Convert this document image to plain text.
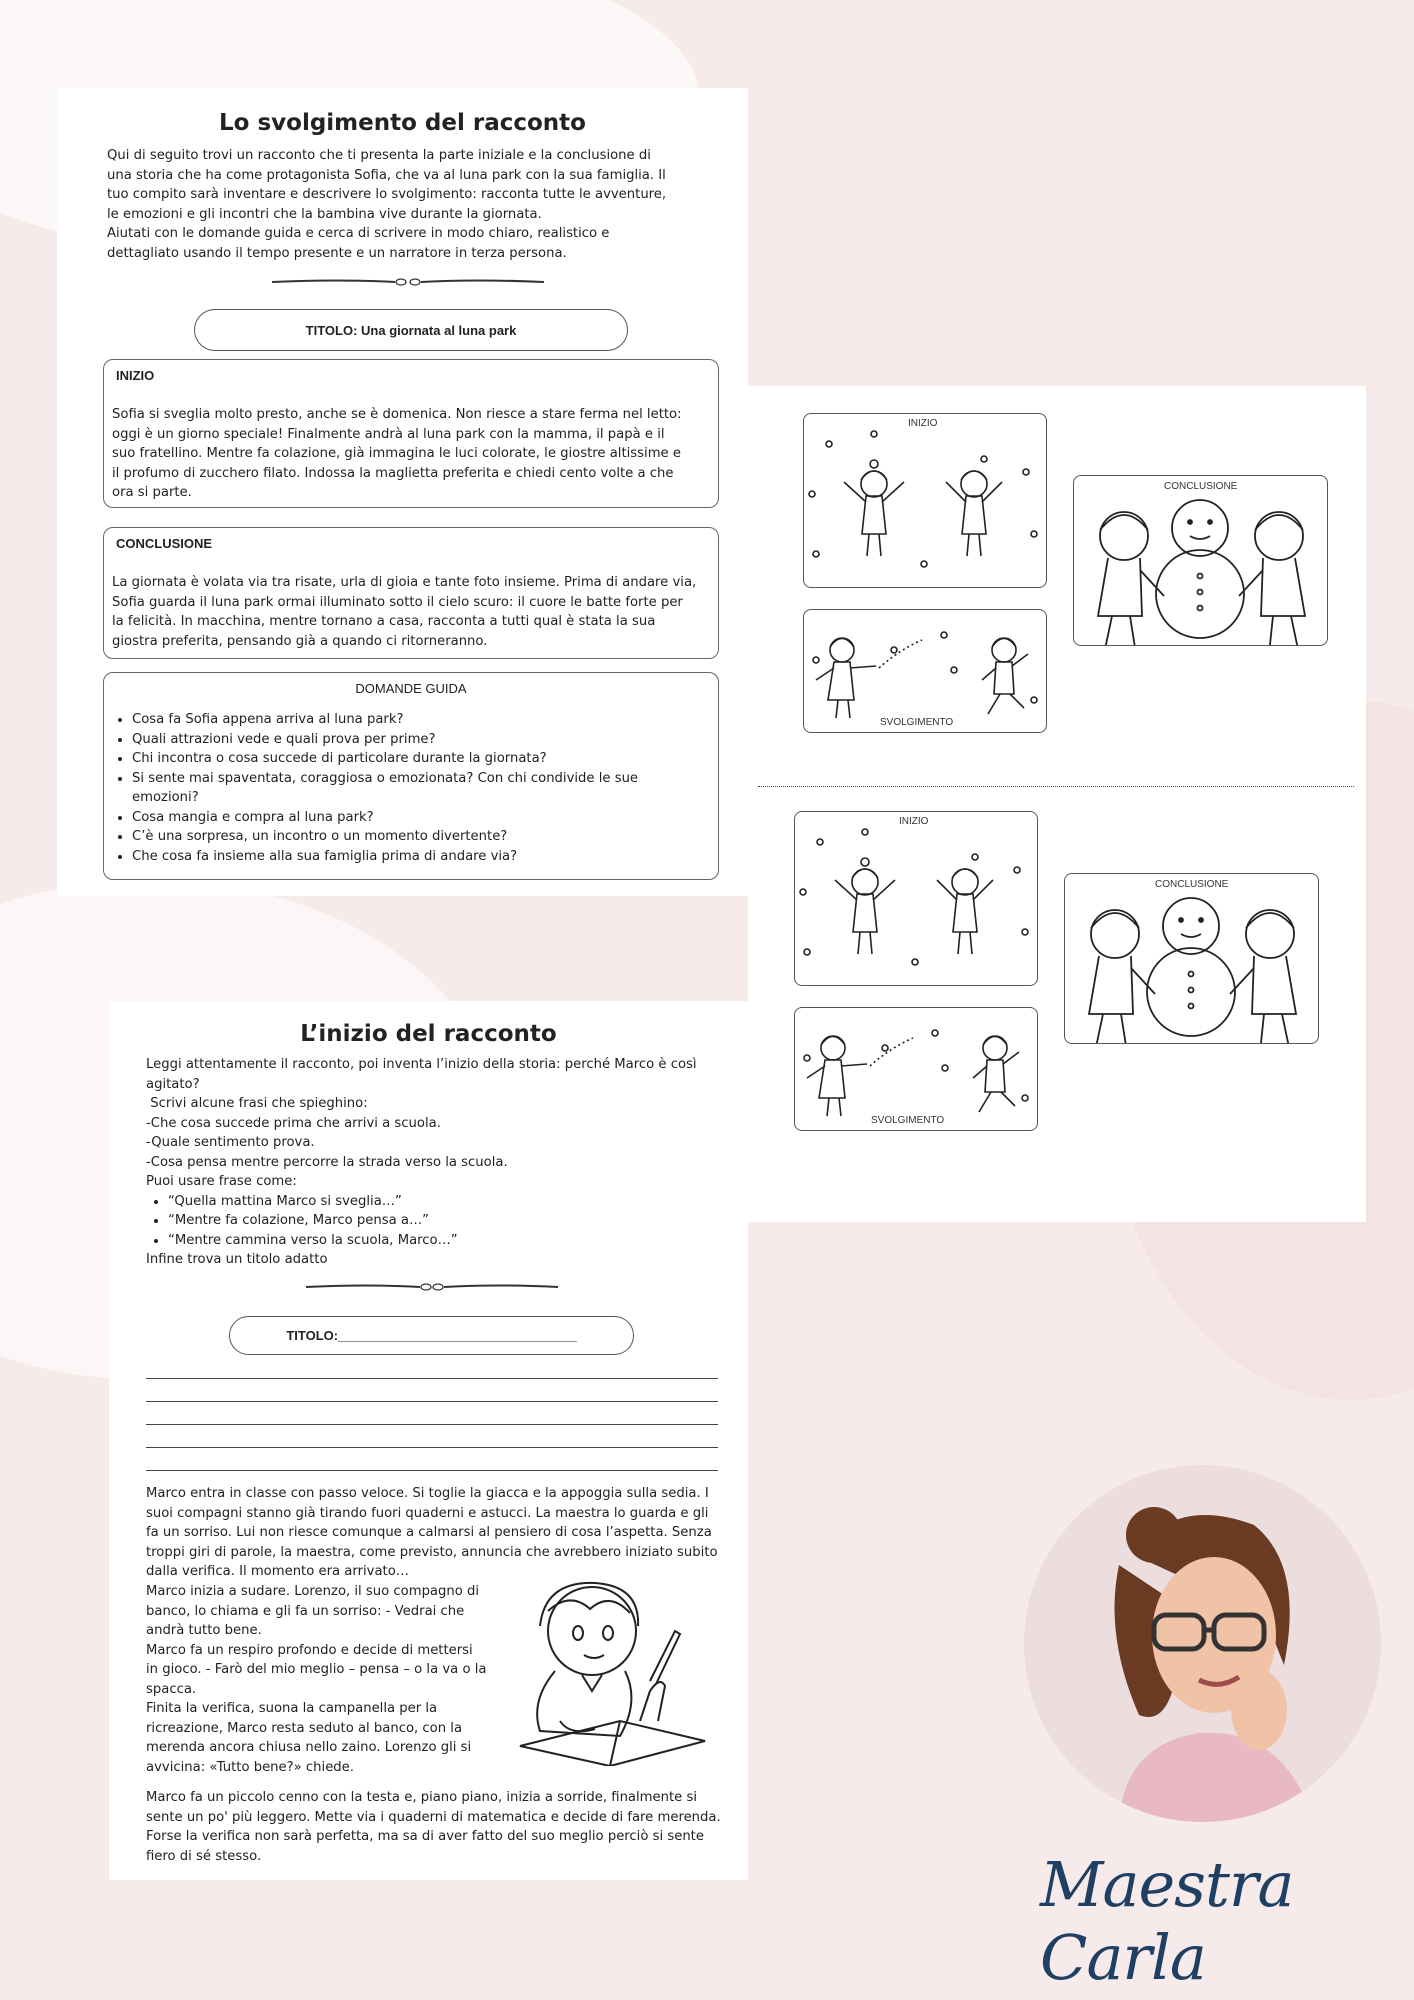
Lo svolgimento del racconto

Qui di seguito trovi un racconto che ti presenta la parte iniziale e la conclusione di

una storia che ha come protagonista Sofia, che va al luna park con la sua famiglia. Il

tuo compito sarà inventare e descrivere lo svolgimento: racconta tutte le avventure,

le emozioni e gli incontri che la bambina vive durante la giornata.

Aiutati con le domande guida e cerca di scrivere in modo chiaro, realistico e

dettagliato usando il tempo presente e un narratore in terza persona.

TITOLO: Una giornata al luna park
INIZIO

Sofia si sveglia molto presto, anche se è domenica. Non riesce a stare ferma nel letto:

oggi è un giorno speciale! Finalmente andrà al luna park con la mamma, il papà e il

suo fratellino. Mentre fa colazione, già immagina le luci colorate, le giostre altissime e

il profumo di zucchero filato. Indossa la maglietta preferita e chiedi cento volte a che

ora si parte.

CONCLUSIONE

La giornata è volata via tra risate, urla di gioia e tante foto insieme. Prima di andare via,

Sofia guarda il luna park ormai illuminato sotto il cielo scuro: il cuore le batte forte per

la felicità. In macchina, mentre tornano a casa, racconta a tutti qual è stata la sua

giostra preferita, pensando già a quando ci ritorneranno.

DOMANDE GUIDA
• Cosa fa Sofia appena arriva al luna park?
• Quali attrazioni vede e quali prova per prime?
• Chi incontra o cosa succede di particolare durante la giornata?
• Si sente mai spaventata, coraggiosa o emozionata? Con chi condivide le sue emozioni?
• Cosa mangia e compra al luna park?
• C’è una sorpresa, un incontro o un momento divertente?
• Che cosa fa insieme alla sua famiglia prima di andare via?
INIZIO
CONCLUSIONE
SVOLGIMENTO
INIZIO
CONCLUSIONE
SVOLGIMENTO
L’inizio del racconto

Leggi attentamente il racconto, poi inventa l’inizio della storia: perché Marco è così

agitato?

Scrivi alcune frasi che spieghino:

-Che cosa succede prima che arrivi a scuola.

-Quale sentimento prova.

-Cosa pensa mentre percorre la strada verso la scuola.

Puoi usare frase come:

• “Quella mattina Marco si sveglia…”
• “Mentre fa colazione, Marco pensa a…”
• “Mentre cammina verso la scuola, Marco…”

Infine trova un titolo adatto

TITOLO:_________________________________

Marco entra in classe con passo veloce. Si toglie la giacca e la appoggia sulla sedia. I

suoi compagni stanno già tirando fuori quaderni e astucci. La maestra lo guarda e gli

fa un sorriso. Lui non riesce comunque a calmarsi al pensiero di cosa l’aspetta. Senza

troppi giri di parole, la maestra, come previsto, annuncia che avrebbero iniziato subito

dalla verifica. Il momento era arrivato…

Marco inizia a sudare. Lorenzo, il suo compagno di

banco, lo chiama e gli fa un sorriso: - Vedrai che

andrà tutto bene.

Marco fa un respiro profondo e decide di mettersi

in gioco. - Farò del mio meglio – pensa – o la va o la

spacca.

Finita la verifica, suona la campanella per la

ricreazione, Marco resta seduto al banco, con la

merenda ancora chiusa nello zaino. Lorenzo gli si

avvicina: «Tutto bene?» chiede.

Marco fa un piccolo cenno con la testa e, piano piano, inizia a sorride, finalmente si

sente un po' più leggero. Mette via i quaderni di matematica e decide di fare merenda.

Forse la verifica non sarà perfetta, ma sa di aver fatto del suo meglio perciò si sente

fiero di sé stesso.	Maestra Carla
